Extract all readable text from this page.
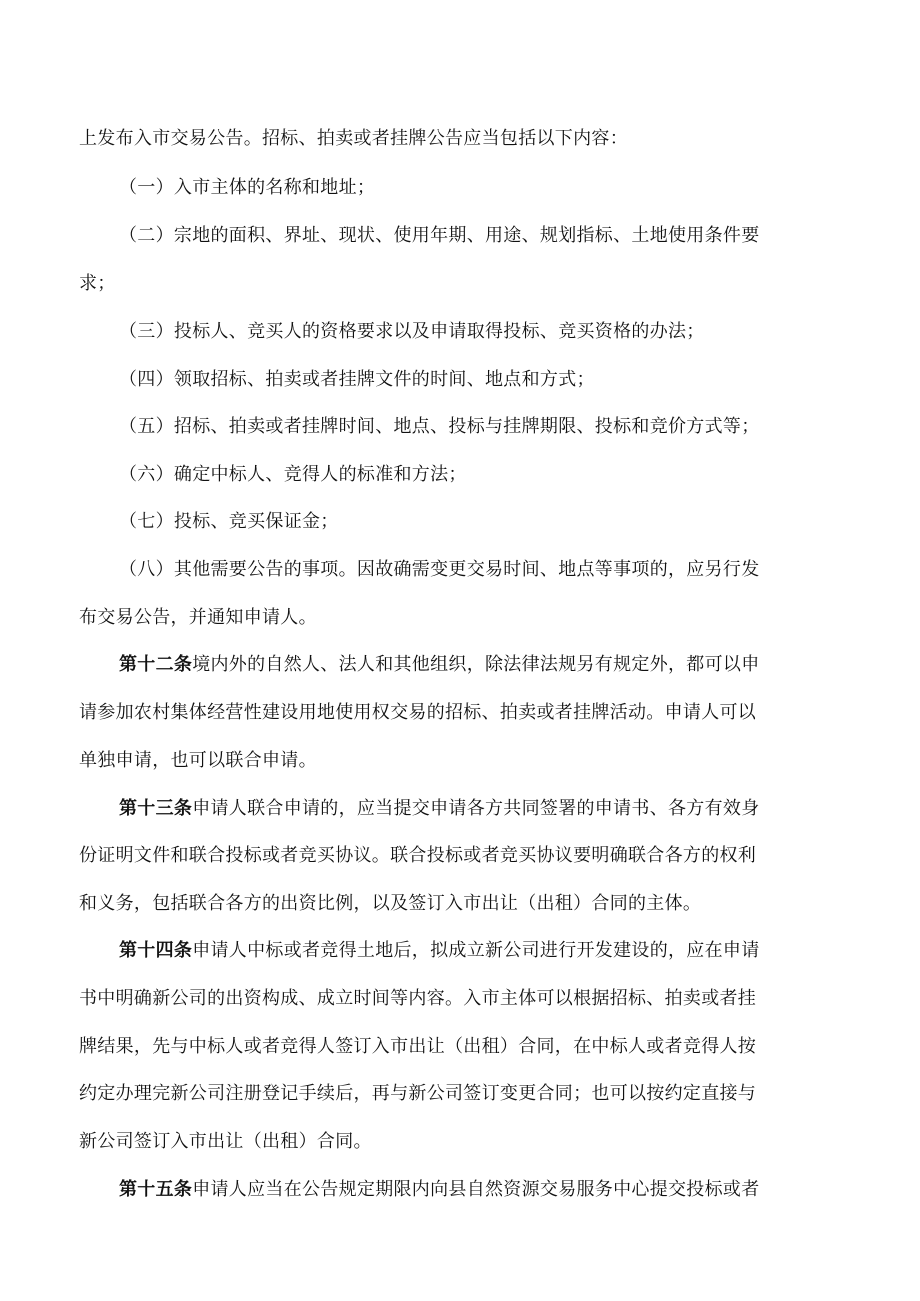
上发布入市交易公告。招标、拍卖或者挂牌公告应当包括以下内容：
（一）入市主体的名称和地址；
（二）宗地的面积、界址、现状、使用年期、用途、规划指标、土地使用条件要
求；
（三）投标人、竞买人的资格要求以及申请取得投标、竞买资格的办法；
（四）领取招标、拍卖或者挂牌文件的时间、地点和方式；
（五）招标、拍卖或者挂牌时间、地点、投标与挂牌期限、投标和竞价方式等；
（六）确定中标人、竞得人的标准和方法；
（七）投标、竞买保证金；
（八）其他需要公告的事项。因故确需变更交易时间、地点等事项的，应另行发
布交易公告，并通知申请人。
第十二条境内外的自然人、法人和其他组织，除法律法规另有规定外，都可以申
请参加农村集体经营性建设用地使用权交易的招标、拍卖或者挂牌活动。申请人可以
单独申请，也可以联合申请。
第十三条申请人联合申请的，应当提交申请各方共同签署的申请书、各方有效身
份证明文件和联合投标或者竞买协议。联合投标或者竞买协议要明确联合各方的权利
和义务，包括联合各方的出资比例，以及签订入市出让（出租）合同的主体。
第十四条申请人中标或者竞得土地后，拟成立新公司进行开发建设的，应在申请
书中明确新公司的出资构成、成立时间等内容。入市主体可以根据招标、拍卖或者挂
牌结果，先与中标人或者竞得人签订入市出让（出租）合同，在中标人或者竞得人按
约定办理完新公司注册登记手续后，再与新公司签订变更合同；也可以按约定直接与
新公司签订入市出让（出租）合同。
第十五条申请人应当在公告规定期限内向县自然资源交易服务中心提交投标或者
